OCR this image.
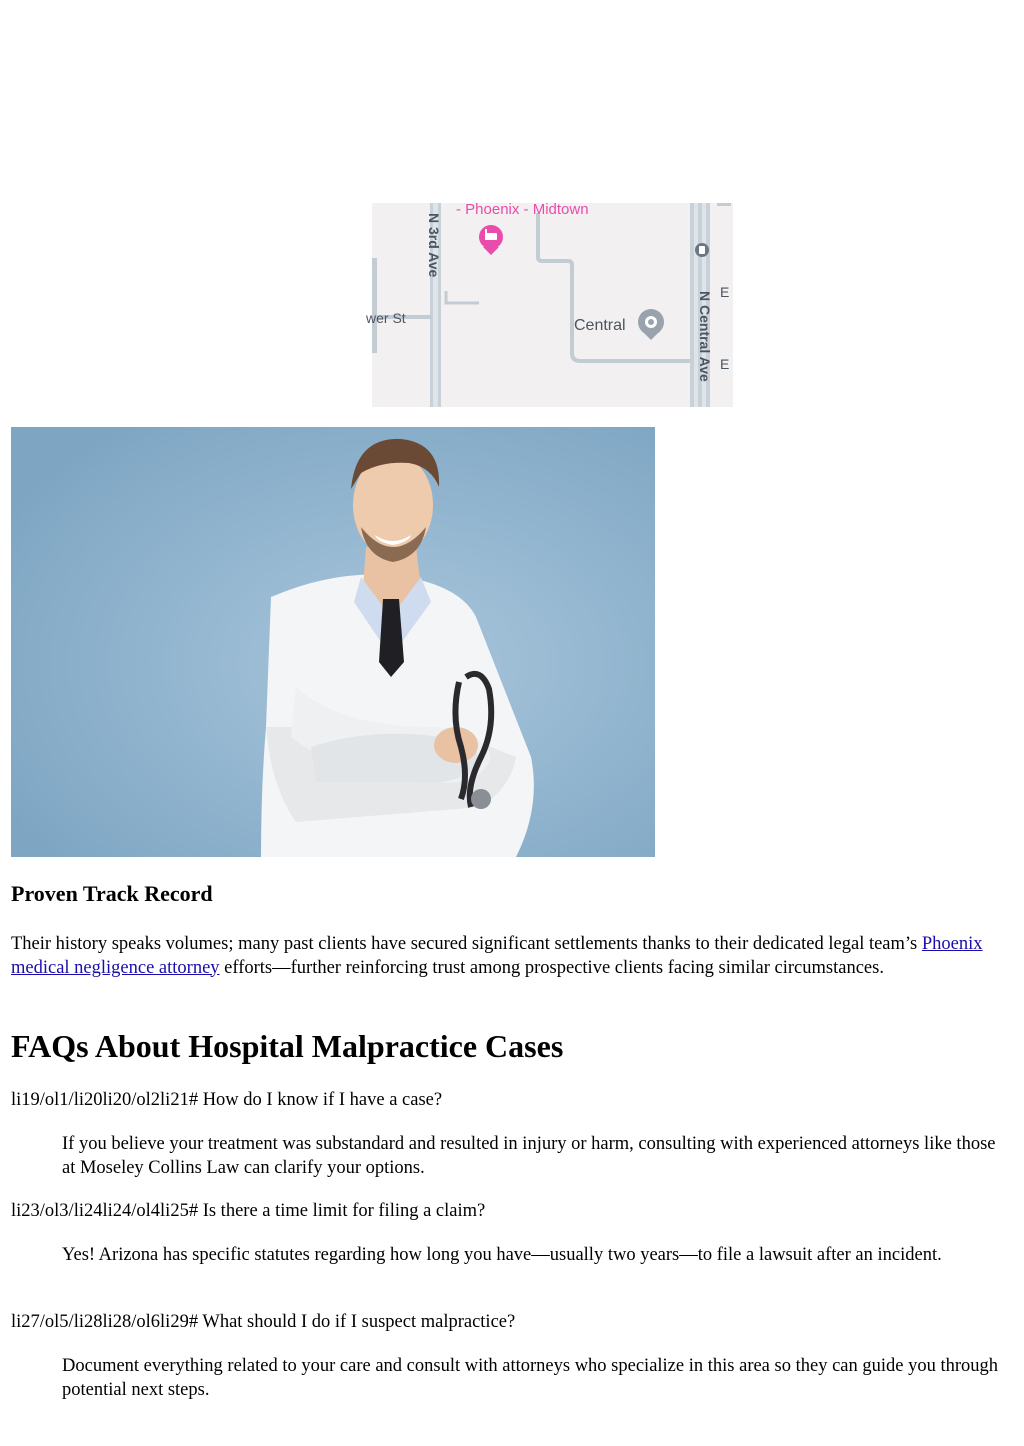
- Phoenix - Midtown
N 3rd Ave
wer St	Central	N Central Ave E
E
Proven Track Record

Their history speaks volumes; many past clients have secured significant settlements thanks to their dedicated legal team’s Phoenix medical negligence attorney efforts—further reinforcing trust among prospective clients facing similar circumstances.

FAQs About Hospital Malpractice Cases

li19/ol1/li20li20/ol2li21# How do I know if I have a case?

If you believe your treatment was substandard and resulted in injury or harm, consulting with experienced attorneys like those at Moseley Collins Law can clarify your options.

li23/ol3/li24li24/ol4li25# Is there a time limit for filing a claim?

Yes! Arizona has specific statutes regarding how long you have—usually two years—to file a lawsuit after an incident.

li27/ol5/li28li28/ol6li29# What should I do if I suspect malpractice?

Document everything related to your care and consult with attorneys who specialize in this area so they can guide you through potential next steps.
